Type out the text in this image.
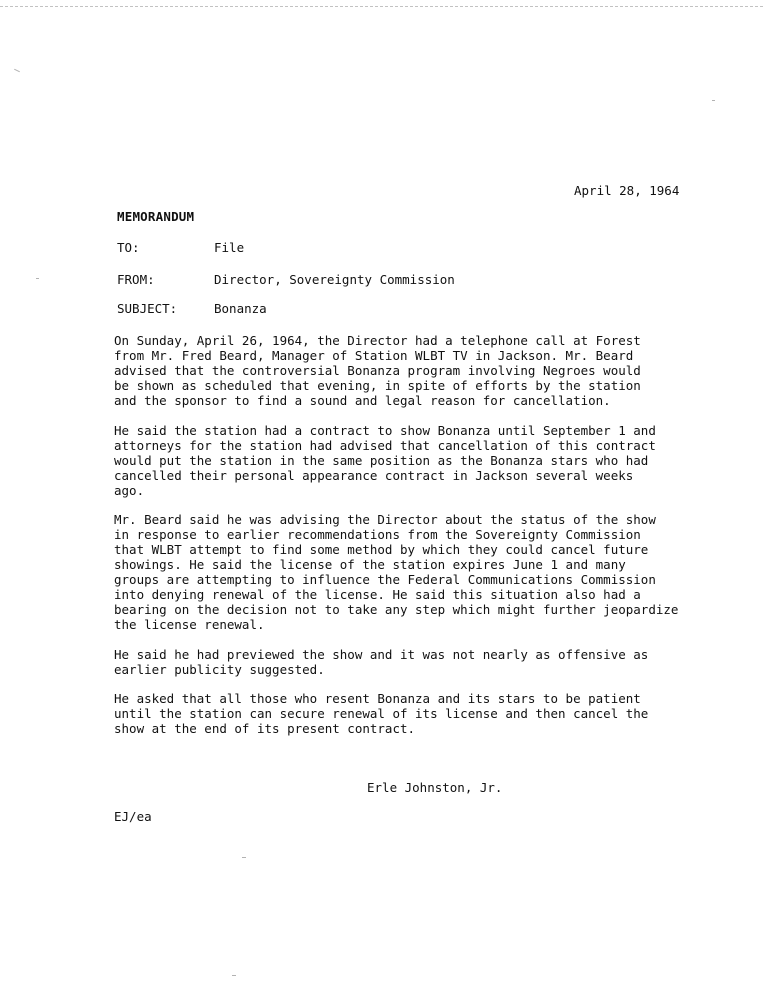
April 28, 1964
MEMORANDUM
TO:	File
FROM:	Director, Sovereignty Commission
SUBJECT:	Bonanza

On Sunday, April 26, 1964, the Director had a telephone call at Forest
from Mr. Fred Beard, Manager of Station WLBT TV in Jackson. Mr. Beard
advised that the controversial Bonanza program involving Negroes would
be shown as scheduled that evening, in spite of efforts by the station
and the sponsor to find a sound and legal reason for cancellation.

He said the station had a contract to show Bonanza until September 1 and
attorneys for the station had advised that cancellation of this contract
would put the station in the same position as the Bonanza stars who had
cancelled their personal appearance contract in Jackson several weeks
ago.

Mr. Beard said he was advising the Director about the status of the show
in response to earlier recommendations from the Sovereignty Commission
that WLBT attempt to find some method by which they could cancel future
showings. He said the license of the station expires June 1 and many
groups are attempting to influence the Federal Communications Commission
into denying renewal of the license. He said this situation also had a
bearing on the decision not to take any step which might further jeopardize
the license renewal.

He said he had previewed the show and it was not nearly as offensive as
earlier publicity suggested.

He asked that all those who resent Bonanza and its stars to be patient
until the station can secure renewal of its license and then cancel the
show at the end of its present contract.

Erle Johnston, Jr.
EJ/ea
